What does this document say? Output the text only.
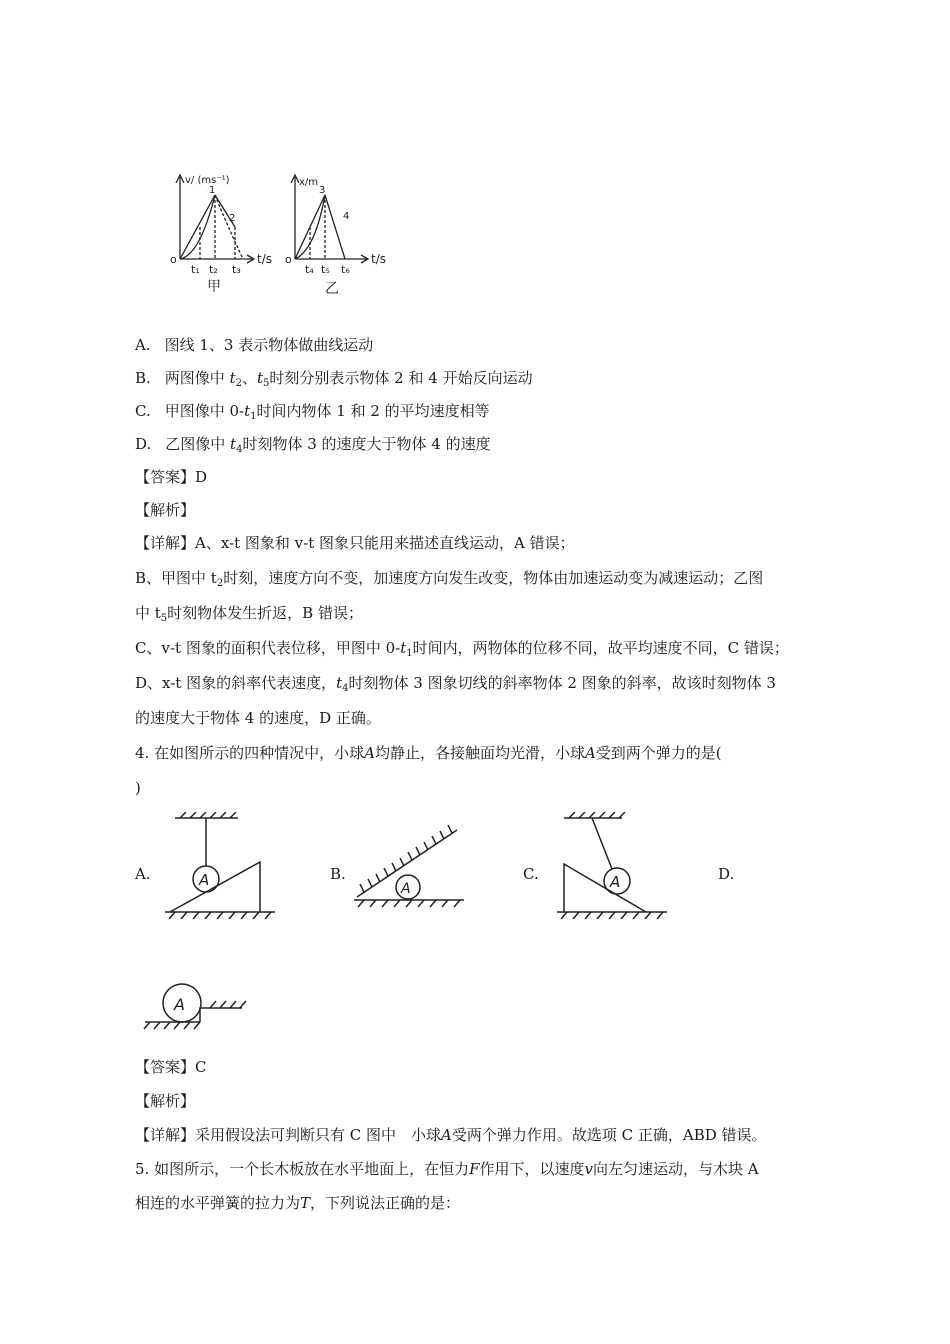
v/ (ms⁻¹)
o	t/s
1
2
t₁ t₂ t₃
甲
x/m
o	t/s
3
4
t₄ t₅ t₆
乙
A. 图线 1、3 表示物体做曲线运动
B. 两图像中 $t_2$、$t_5$时刻分别表示物体 2 和 4 开始反向运动
C. 甲图像中 $0-t_1$时间内物体 1 和 2 的平均速度相等
D. 乙图像中 $t_4$时刻物体 3 的速度大于物体 4 的速度
【答案】D
【解析】
【详解】A、x-t 图象和 v-t 图象只能用来描述直线运动，A 错误；
B、甲图中 $t_2$时刻，速度方向不变，加速度方向发生改变，物体由加速运动变为减速运动；乙图
中 $t_5$时刻物体发生折返，B 错误；
C、v-t 图象的面积代表位移，甲图中 $0-t_1$时间内，两物体的位移不同，故平均速度不同，C 错误；
D、x-t 图象的斜率代表速度，$t_4$时刻物体 3 图象切线的斜率物体 2 图象的斜率，故该时刻物体 3
的速度大于物体 4 的速度，D 正确。
4. 在如图所示的四种情况中，小球A均静止，各接触面均光滑，小球A受到两个弹力的是(
)
A.	B.	C.	D.
A	A	A
A
【答案】C
【解析】
【详解】采用假设法可判断只有 C 图中　小球A受两个弹力作用。故选项 C 正确，ABD 错误。
5. 如图所示，一个长木板放在水平地面上，在恒力F作用下，以速度v向左匀速运动，与木块 A
相连的水平弹簧的拉力为T，下列说法正确的是：
